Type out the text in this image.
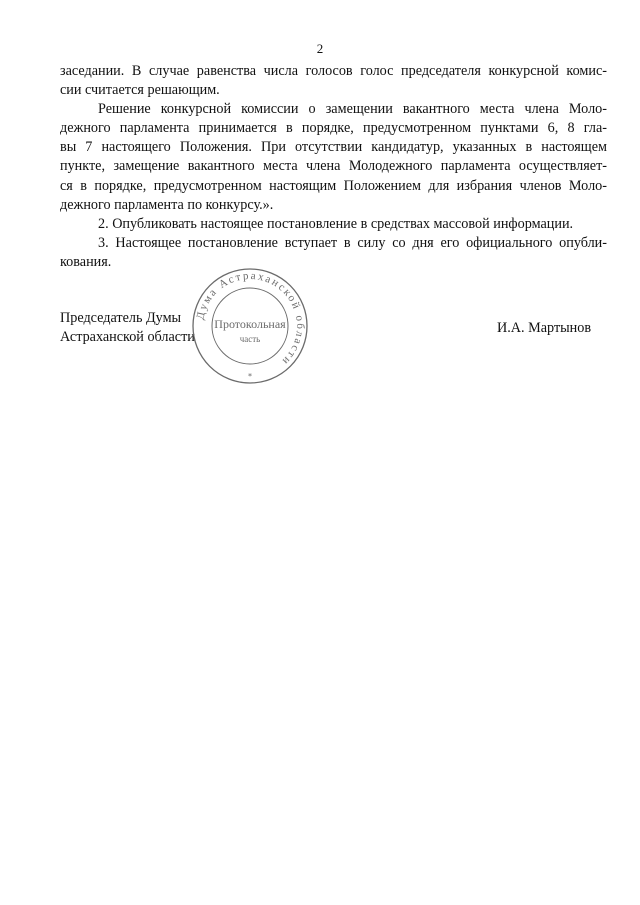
2
заседании. В случае равенства числа голосов голос председателя конкурсной комис-
сии считается решающим.
Решение конкурсной комиссии о замещении вакантного места члена Моло-
дежного парламента принимается в порядке, предусмотренном пунктами 6, 8 гла-
вы 7 настоящего Положения. При отсутствии кандидатур, указанных в настоящем
пункте, замещение вакантного места члена Молодежного парламента осуществляет-
ся в порядке, предусмотренном настоящим Положением для избрания членов Моло-
дежного парламента по конкурсу.».
2. Опубликовать настоящее постановление в средствах массовой информации.
3. Настоящее постановление вступает в силу со дня его официального опубли-
кования.
Председатель Думы
Астраханской области
И.А. Мартынов
Дума Астраханской области
Протокольная
часть
*
